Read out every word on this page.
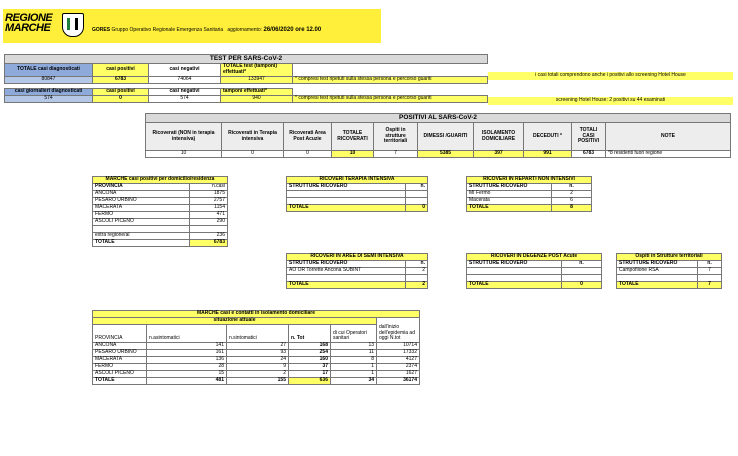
REGIONE
MARCHE	GORES Gruppo Operativo Regionale Emergenza Sanitaria aggiornamento: 26/06/2020 ore 12.00
TEST PER SARS-CoV-2				
TOTALE casi diagnosticati	casi positivi	casi negativi	TOTALE test (tamponi) effettuati*	
80847	6783	74064	133947	* compresi test ripetuti sulla stessa persona e percorso guariti
i casi totali comprendono anche i positivi allo screening Hotel House
casi giornalieri diagnosticati	casi positivi	casi negativi	tamponi effettuati*	
574	0	574	940	* compresi test ripetuti sulla stessa persona e percorso guariti	screening Hotel House: 2 positivi su 44 esaminati
POSITIVI AL SARS-CoV-2									
Ricoverati (NON in terapia intensiva)	Ricoverati in Terapia intensiva	Ricoverati Area Post Acuzie	TOTALE RICOVERATI	Ospiti in strutture territoriali	DIMESSI /GUARITI	ISOLAMENTO DOMICILIARE	DECEDUTI *	TOTALI CASI POSITIVI	NOTE
10	0	0	10	7	5385	397	991	6783	*8 residenti fuori regione
MARCHE casi positivi per domicilio/residenza	
PROVINCIA	n.casi
ANCONA	1875
PESARO URBINO	2757
MACERATA	1154
FERMO	471
ASCOLI PICENO	290

extra regione/al	236
TOTALE	6783
RICOVERI TERAPIA INTENSIVA	
STRUTTURE RICOVERO	n.

TOTALE	0
RICOVERI IN REPARTI NON INTENSIVI	
STRUTTURE RICOVERO	n.
MI Fermo	2
Macerata	6
TOTALE	8
RICOVERI IN AREE DI SEMI INTENSIVA	
STRUTTURE RICOVERO	n.
AO OR Torrette Ancona SUBINT	2

TOTALE	2
RICOVERI IN DEGENZE POST Acute	
STRUTTURE RICOVERO	n.

TOTALE	0
Ospiti in Strutture territoriali	
STRUTTURE RICOVERO	n.
Campofilone RSA	7

TOTALE	7
MARCHE casi e contatti in isolamento domiciliare					
situazione attuale					dall'inizio dell'epidemia ad oggi N.tot
PROVINCIA	n.asintomatici	n.sintomatici	n. Tot	di cui Operatori sanitari	
ANCONA	141	27	168	13	10714
PESARO URBINO	161	93	254	11	17332
MACERATA	136	24	160	8	4127
FERMO	28	9	37	1	2374
ASCOLI PICENO	15	2	17	1	1627
TOTALE	481	155	636	34	36174
